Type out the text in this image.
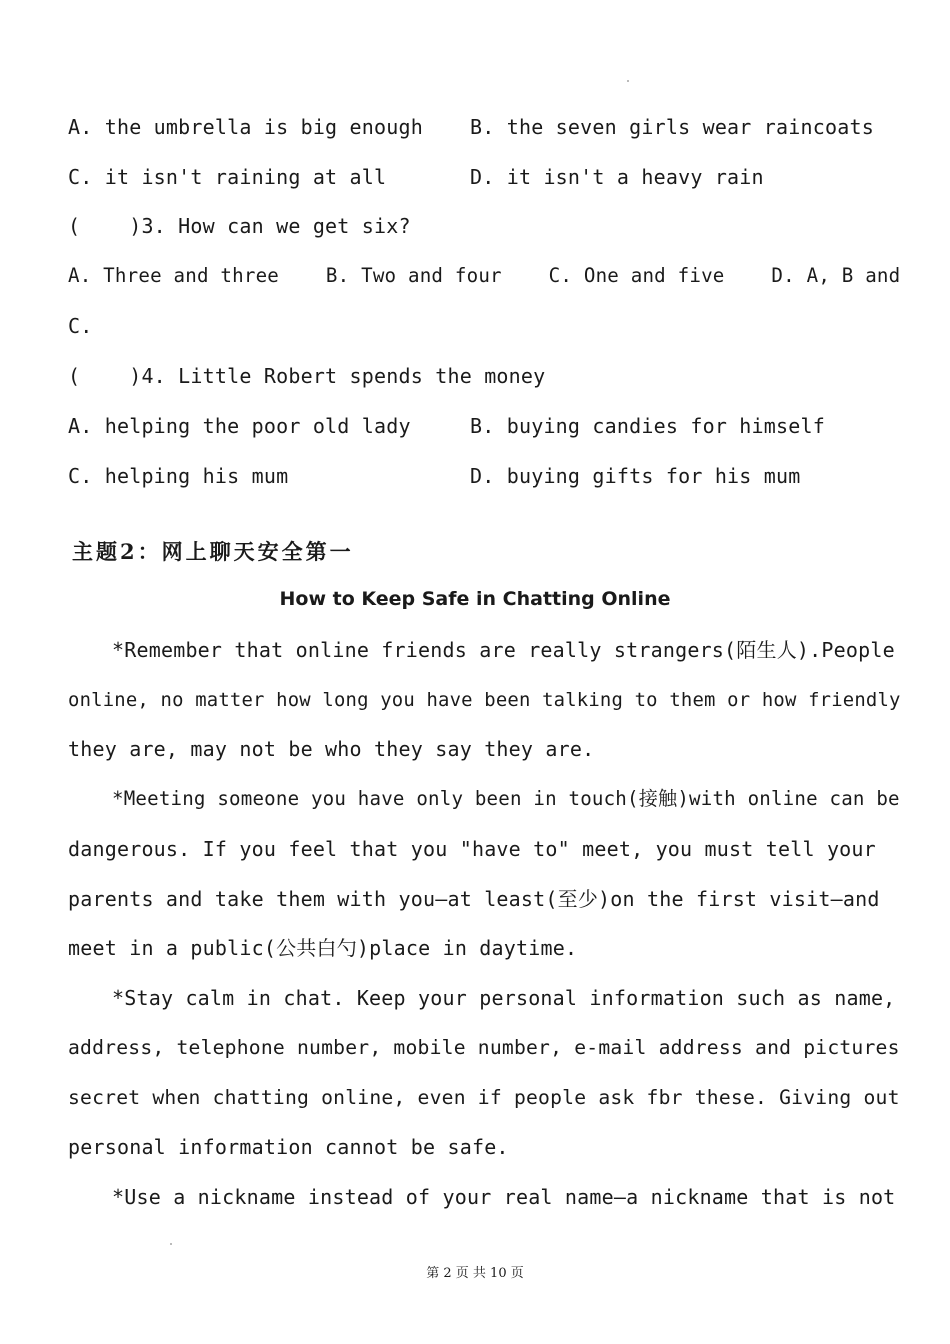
A. the umbrella is big enough B. the seven girls wear raincoats
C. it isn't raining at all	D. it isn't a heavy rain
(    )3. How can we get six?
A. Three and three    B. Two and four    C. One and five    D. A, B and
C.
(    )4. Little Robert spends the money
A. helping the poor old lady	B. buying candies for himself
C. helping his mum	D. buying gifts for his mum
主题2：网上聊天安全第一
How to Keep Safe in Chatting Online
*Remember that online friends are really strangers(陌生人).People
online, no matter how long you have been talking to them or how friendly
they are, may not be who they say they are.
*Meeting someone you have only been in touch(接触)with online can be
dangerous. If you feel that you "have to" meet, you must tell your
parents and take them with you—at least(至少)on the first visit—and
meet in a public(公共白勺)place in daytime.
*Stay calm in chat. Keep your personal information such as name,
address, telephone number, mobile number, e-mail address and pictures
secret when chatting online, even if people ask fbr these. Giving out
personal information cannot be safe.
*Use a nickname instead of your real name—a nickname that is not
第 2 页 共 10 页
